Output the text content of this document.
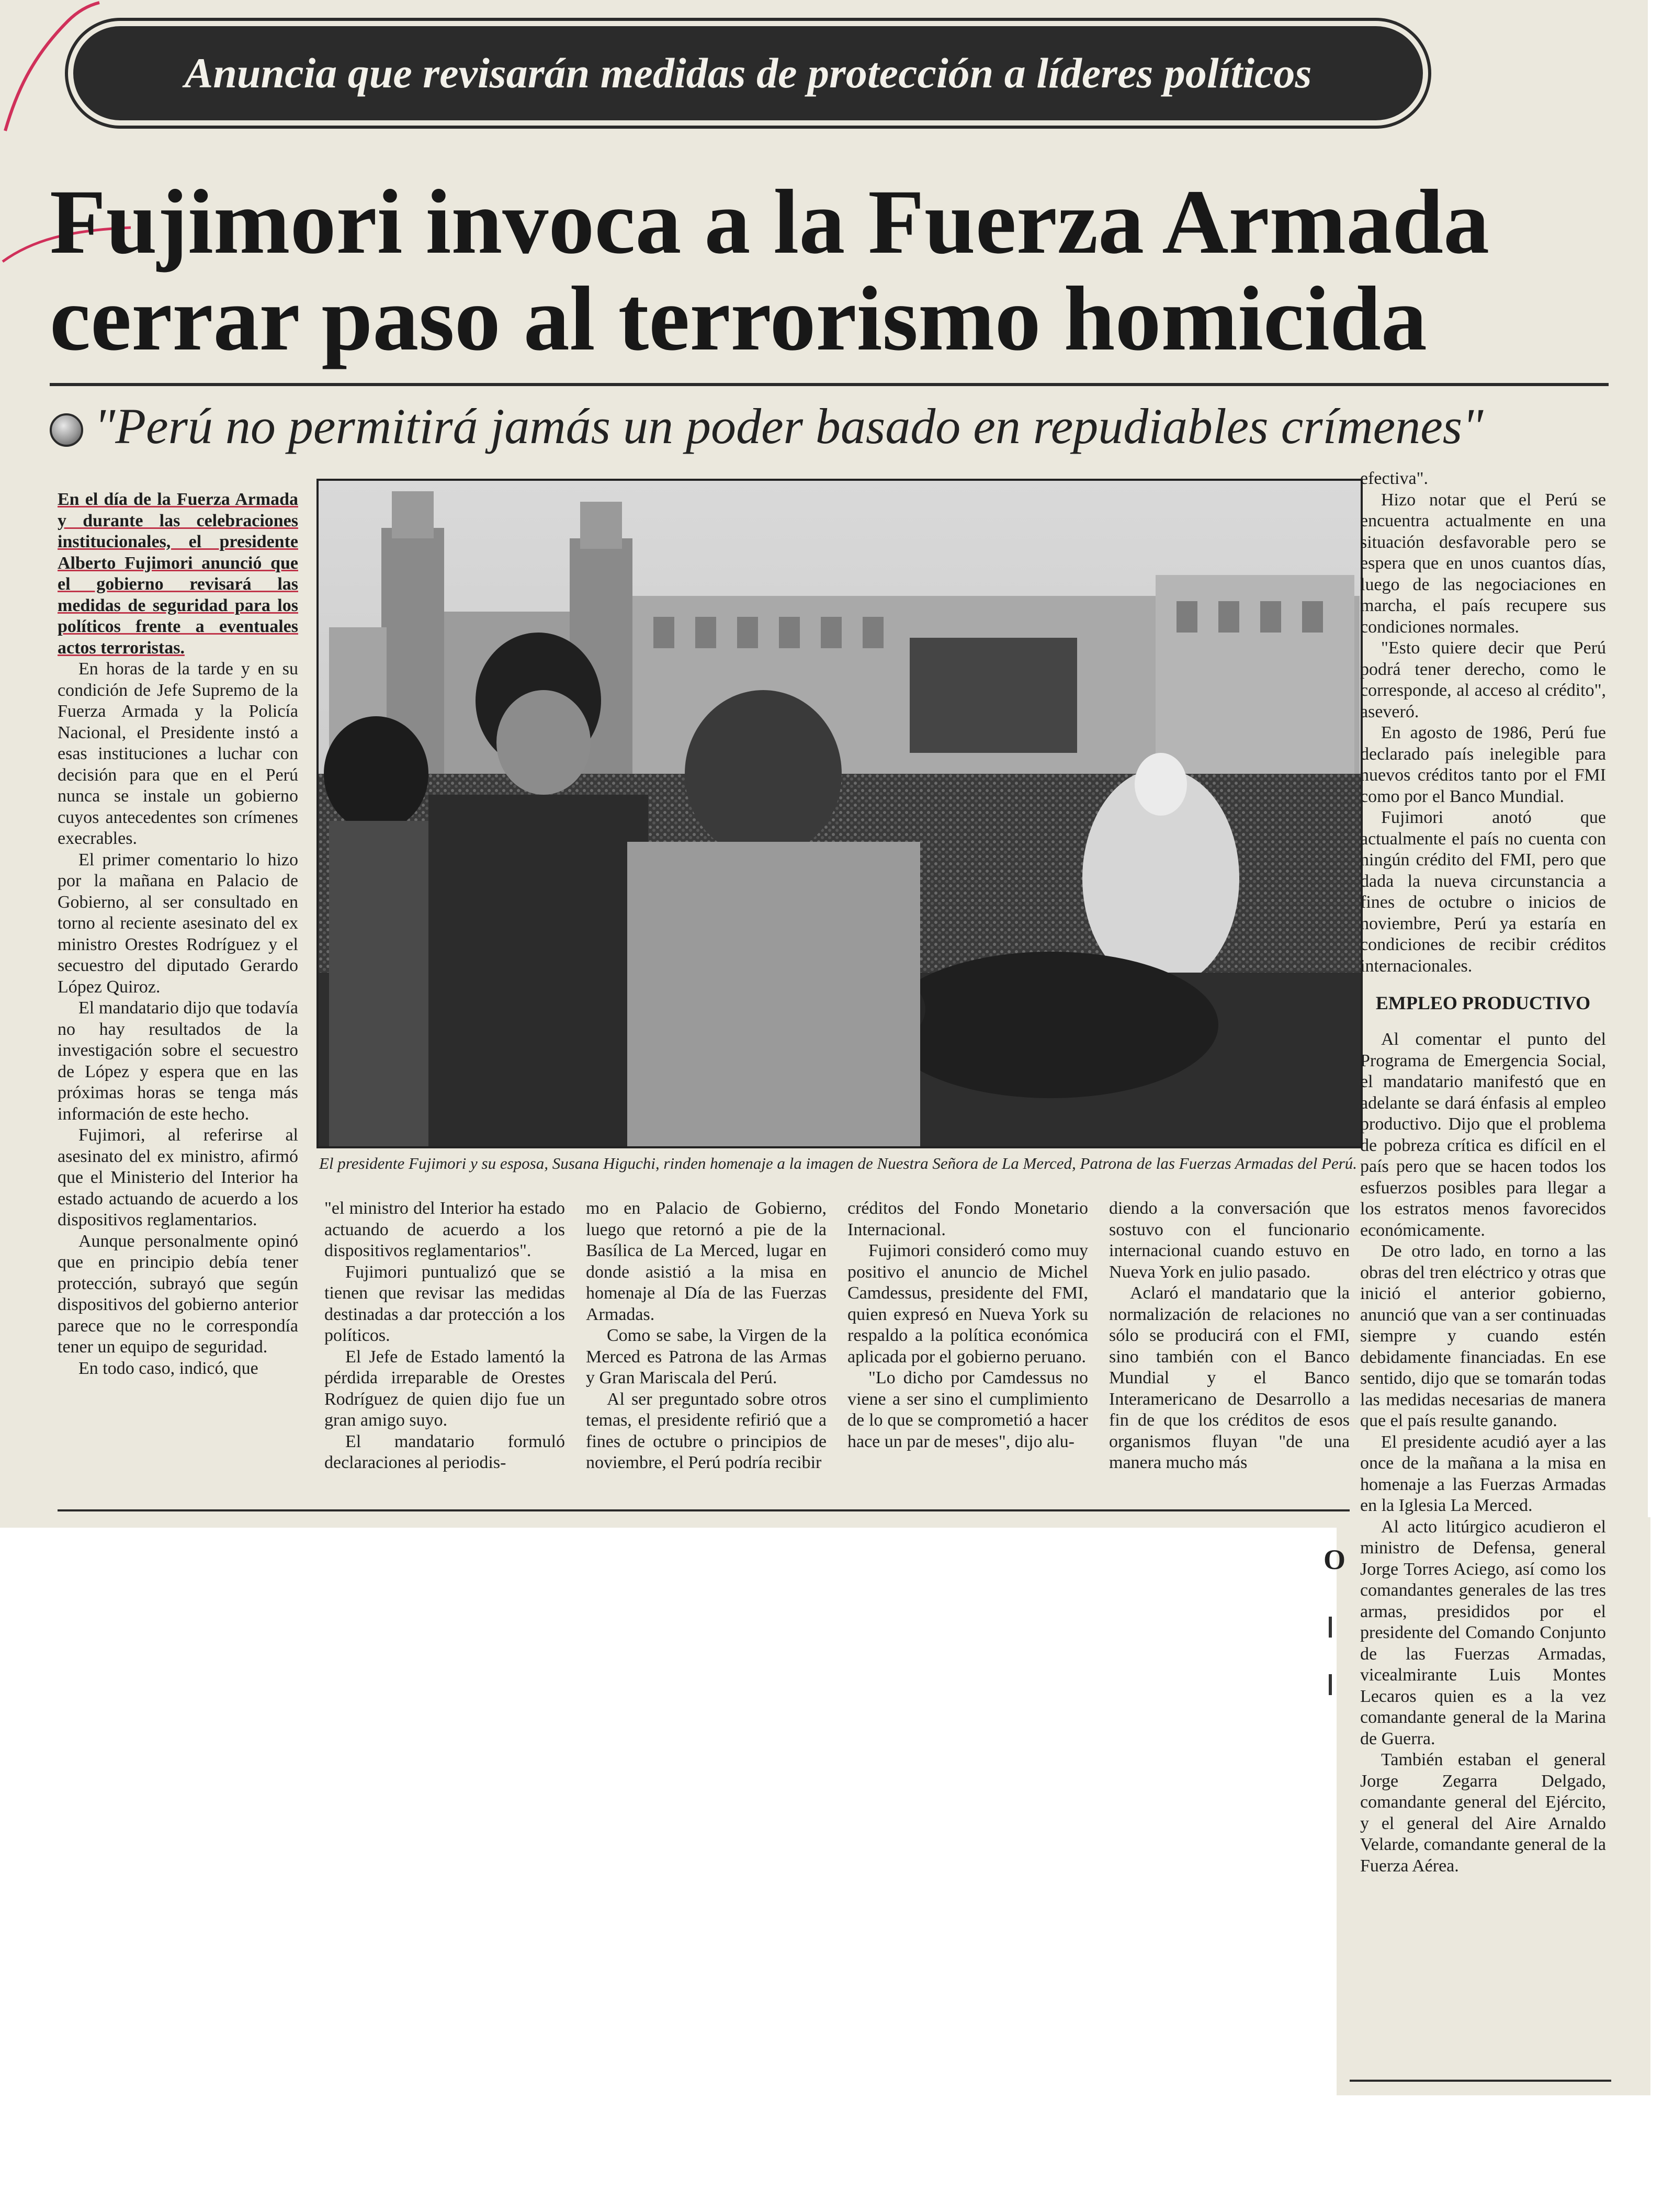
Anuncia que revisarán medidas de protección a líderes políticos
Fujimori invoca a la Fuerza Armada
cerrar paso al terrorismo homicida
"Perú no permitirá jamás un poder basado en repudiables crímenes"
El presidente Fujimori y su esposa, Susana Higuchi, rinden homenaje a la imagen de Nuestra Señora de La Merced, Patrona de las Fuerzas Armadas del Perú.

En el día de la Fuerza Armada y durante las celebraciones institucionales, el presidente Alberto Fujimori anunció que el gobierno revisará las medidas de seguridad para los políticos frente a eventuales actos terroristas.

En horas de la tarde y en su condición de Jefe Supremo de la Fuerza Armada y la Policía Nacional, el Presidente instó a esas instituciones a luchar con decisión para que en el Perú nunca se instale un gobierno cuyos antecedentes son crímenes execrables.

El primer comentario lo hizo por la mañana en Palacio de Gobierno, al ser consultado en torno al reciente asesinato del ex ministro Orestes Rodríguez y el secuestro del diputado Gerardo López Quiroz.

El mandatario dijo que todavía no hay resultados de la investigación sobre el secuestro de López y espera que en las próximas horas se tenga más información de este hecho.

Fujimori, al referirse al asesinato del ex ministro, afirmó que el Ministerio del Interior ha estado actuando de acuerdo a los dispositivos reglamentarios.

Aunque personalmente opinó que en principio debía tener protección, subrayó que según dispositivos del gobierno anterior parece que no le correspondía tener un equipo de seguridad.

En todo caso, indicó, que

"el ministro del Interior ha estado actuando de acuerdo a los dispositivos reglamentarios".

Fujimori puntualizó que se tienen que revisar las medidas destinadas a dar protección a los políticos.

El Jefe de Estado lamentó la pérdida irreparable de Orestes Rodríguez de quien dijo fue un gran amigo suyo.

El mandatario formuló declaraciones al periodis-

mo en Palacio de Gobierno, luego que retornó a pie de la Basílica de La Merced, lugar en donde asistió a la misa en homenaje al Día de las Fuerzas Armadas.

Como se sabe, la Virgen de la Merced es Patrona de las Armas y Gran Mariscala del Perú.

Al ser preguntado sobre otros temas, el presidente refirió que a fines de octubre o principios de noviembre, el Perú podría recibir

créditos del Fondo Monetario Internacional.

Fujimori consideró como muy positivo el anuncio de Michel Camdessus, presidente del FMI, quien expresó en Nueva York su respaldo a la política económica aplicada por el gobierno peruano.

"Lo dicho por Camdessus no viene a ser sino el cumplimiento de lo que se comprometió a hacer hace un par de meses", dijo alu-

diendo a la conversación que sostuvo con el funcionario internacional cuando estuvo en Nueva York en julio pasado.

Aclaró el mandatario que la normalización de relaciones no sólo se producirá con el FMI, sino también con el Banco Mundial y el Banco Interamericano de Desarrollo a fin de que los créditos de esos organismos fluyan "de una manera mucho más

efectiva".

Hizo notar que el Perú se encuentra actualmente en una situación desfavorable pero se espera que en unos cuantos días, luego de las negociaciones en marcha, el país recupere sus condiciones normales.

"Esto quiere decir que Perú podrá tener derecho, como le corresponde, al acceso al crédito", aseveró.

En agosto de 1986, Perú fue declarado país inelegible para nuevos créditos tanto por el FMI como por el Banco Mundial.

Fujimori anotó que actualmente el país no cuenta con ningún crédito del FMI, pero que dada la nueva circunstancia a fines de octubre o inicios de noviembre, Perú ya estaría en condiciones de recibir créditos internacionales.

EMPLEO PRODUCTIVO

Al comentar el punto del Programa de Emergencia Social, el mandatario manifestó que en adelante se dará énfasis al empleo productivo. Dijo que el problema de pobreza crítica es difícil en el país pero que se hacen todos los esfuerzos posibles para llegar a los estratos menos favorecidos económicamente.

De otro lado, en torno a las obras del tren eléctrico y otras que inició el anterior gobierno, anunció que van a ser continuadas siempre y cuando estén debidamente financiadas. En ese sentido, dijo que se tomarán todas las medidas necesarias de manera que el país resulte ganando.

El presidente acudió ayer a las once de la mañana a la misa en homenaje a las Fuerzas Armadas en la Iglesia La Merced.

Al acto litúrgico acudieron el ministro de Defensa, general Jorge Torres Aciego, así como los comandantes generales de las tres armas, presididos por el presidente del Comando Conjunto de las Fuerzas Armadas, vicealmirante Luis Montes Lecaros quien es a la vez comandante general de la Marina de Guerra.

También estaban el general Jorge Zegarra Delgado, comandante general del Ejército, y el general del Aire Arnaldo Velarde, comandante general de la Fuerza Aérea.

O
